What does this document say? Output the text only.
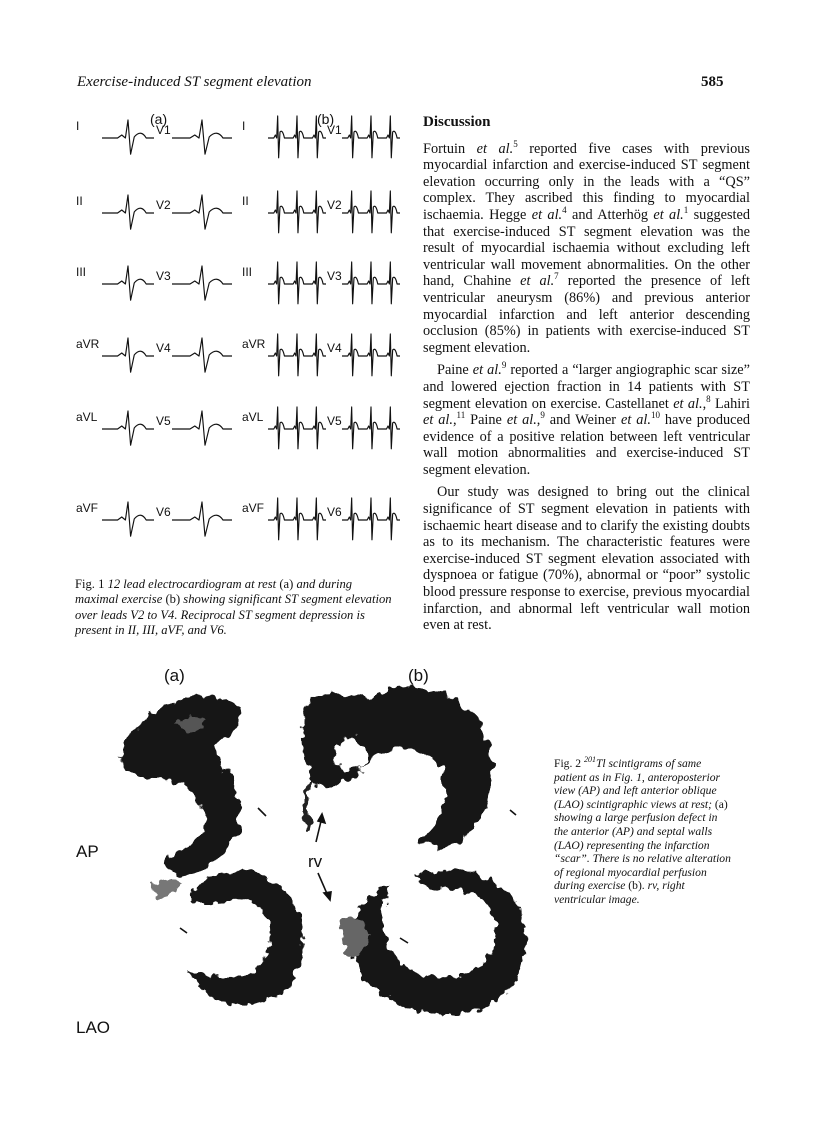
Exercise-induced ST segment elevation	585
(a)	(b)
I	V1	I	V1
II	V2	II	V2
III	V3	III	V3
aVR	V4	aVR	V4
aVL	V5	aVL	V5
aVF	V6	aVF	V6
Fig. 1 12 lead electrocardiogram at rest (a) and during maximal exercise (b) showing significant ST segment elevation over leads V2 to V4. Reciprocal ST segment depression is present in II, III, aVF, and V6.
Discussion

Fortuin et al.$^5$ reported five cases with previous myocardial infarction and exercise-induced ST segment elevation occurring only in the leads with a “QS” complex. They ascribed this finding to myocardial ischaemia. Hegge et al.$^4$ and Atterhög et al.$^1$ suggested that exercise-induced ST segment elevation was the result of myocardial ischaemia without excluding left ventricular wall movement abnormalities. On the other hand, Chahine et al.$^7$ reported the presence of left ventricular aneurysm (86%) and previous anterior myocardial infarction and left anterior descending occlusion (85%) in patients with exercise-induced ST segment elevation.

Paine et al.$^9$ reported a “larger angiographic scar size” and lowered ejection fraction in 14 patients with ST segment elevation on exercise. Castellanet et al.,$^8$ Lahiri et al.,$^{11}$ Paine et al.,$^9$ and Weiner et al.$^{10}$ have produced evidence of a positive relation between left ventricular wall motion abnormalities and exercise-induced ST segment elevation.

Our study was designed to bring out the clinical significance of ST segment elevation in patients with ischaemic heart disease and to clarify the existing doubts as to its mechanism. The characteristic features were exercise-induced ST segment elevation associated with dyspnoea or fatigue (70%), abnormal or “poor” systolic blood pressure response to exercise, previous myocardial infarction, and abnormal left ventricular wall motion even at rest.

(a)	(b)
AP
LAO
rv
Fig. 2 $^{201}$Tl scintigrams of same patient as in Fig. 1, anteroposterior view (AP) and left anterior oblique (LAO) scintigraphic views at rest; (a) showing a large perfusion defect in the anterior (AP) and septal walls (LAO) representing the infarction “scar”. There is no relative alteration of regional myocardial perfusion during exercise (b). rv, right ventricular image.
